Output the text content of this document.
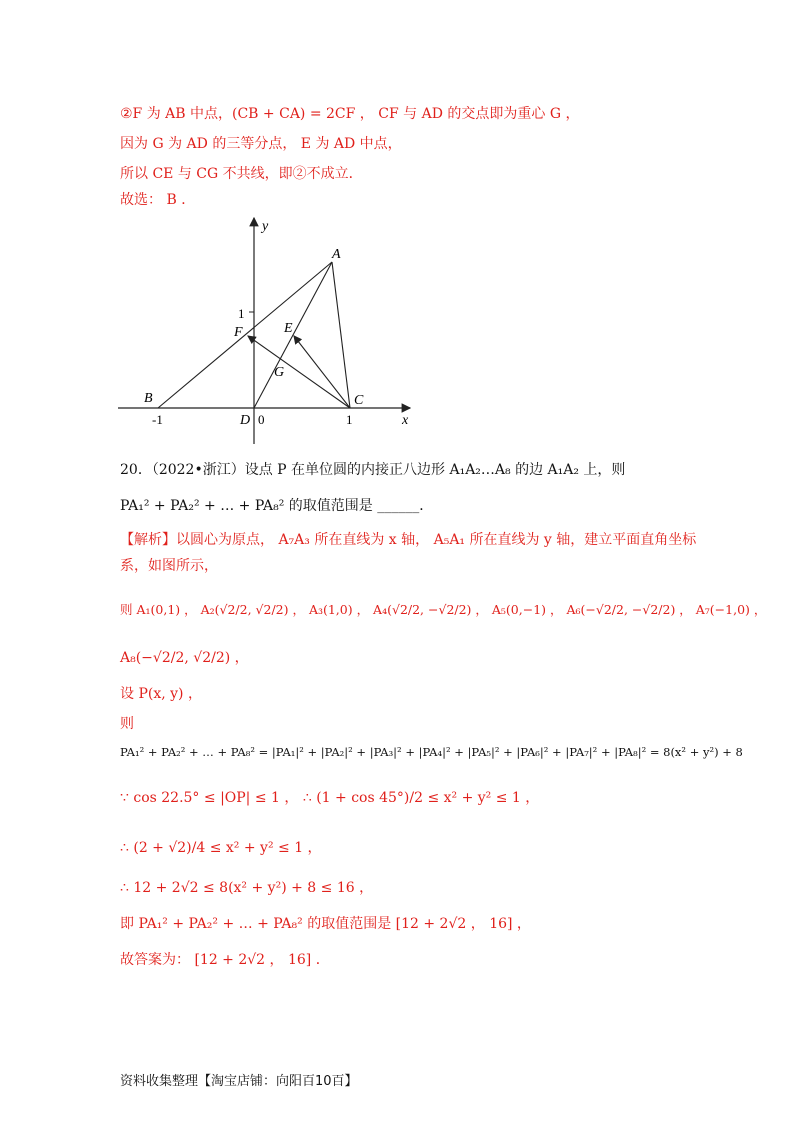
②F 为 AB 中点，(CB + CA) = 2CF ， CF 与 AD 的交点即为重心 G ，
因为 G 为 AD 的三等分点， E 为 AD 中点，
所以 CE 与 CG 不共线，即②不成立．
故选： B ．
y
x
-1	0	1
1
A
B	C
D
E
F
G
20．（2022•浙江）设点 P 在单位圆的内接正八边形 A₁A₂…A₈ 的边 A₁A₂ 上，则
PA₁² + PA₂² + … + PA₈² 的取值范围是 ______．
【解析】以圆心为原点， A₇A₃ 所在直线为 x 轴， A₅A₁ 所在直线为 y 轴，建立平面直角坐标
系，如图所示，
则 A₁(0,1) ， A₂(√2/2, √2/2) ， A₃(1,0) ， A₄(√2/2, −√2/2) ， A₅(0,−1) ， A₆(−√2/2, −√2/2) ， A₇(−1,0) ，
A₈(−√2/2, √2/2) ，
设 P(x, y) ，
则
PA₁² + PA₂² + … + PA₈² = |PA₁|² + |PA₂|² + |PA₃|² + |PA₄|² + |PA₅|² + |PA₆|² + |PA₇|² + |PA₈|² = 8(x² + y²) + 8
∵ cos 22.5° ≤ |OP| ≤ 1 ， ∴ (1 + cos 45°)/2 ≤ x² + y² ≤ 1 ，
∴ (2 + √2)/4 ≤ x² + y² ≤ 1 ，
∴ 12 + 2√2 ≤ 8(x² + y²) + 8 ≤ 16 ，
即 PA₁² + PA₂² + … + PA₈² 的取值范围是 [12 + 2√2 ， 16] ，
故答案为： [12 + 2√2 ， 16] ．
资料收集整理【淘宝店铺：向阳百10百】
